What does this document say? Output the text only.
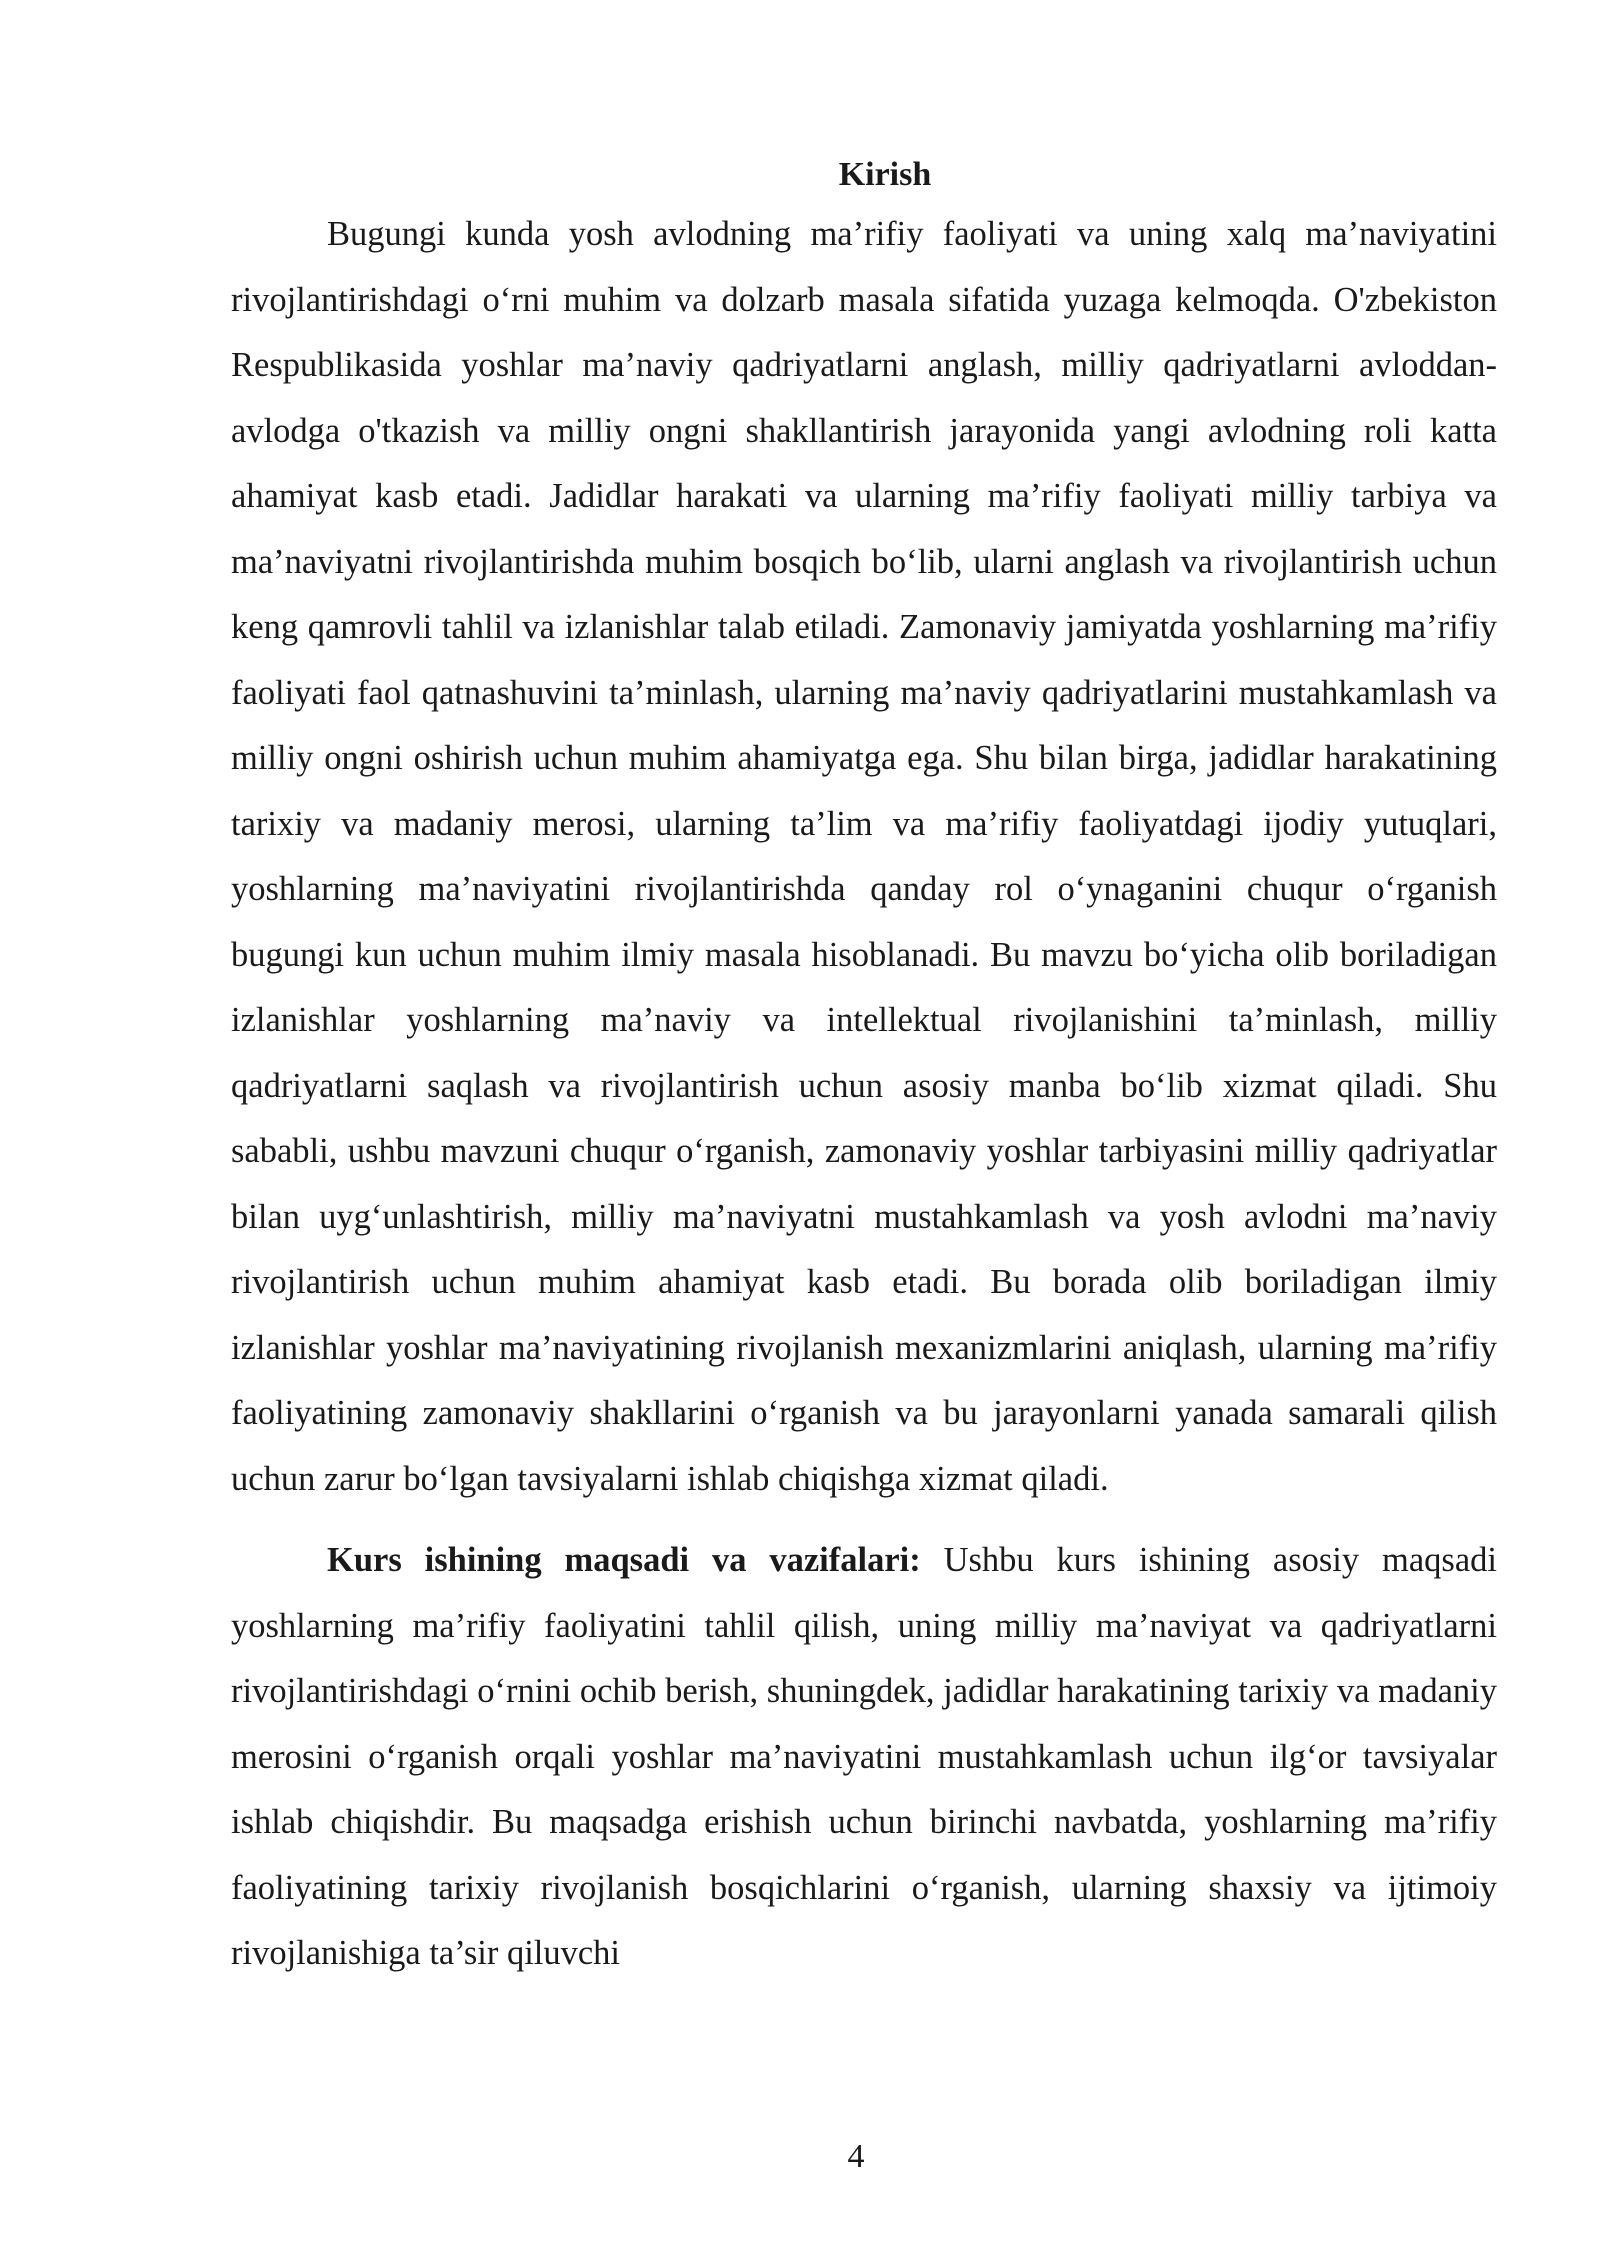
Kirish

Bugungi kunda yosh avlodning ma’rifiy faoliyati va uning xalq ma’naviyatini rivojlantirishdagi o‘rni muhim va dolzarb masala sifatida yuzaga kelmoqda. O'zbekiston Respublikasida yoshlar ma’naviy qadriyatlarni anglash, milliy qadriyatlarni avloddan-avlodga o'tkazish va milliy ongni shakllantirish jarayonida yangi avlodning roli katta ahamiyat kasb etadi. Jadidlar harakati va ularning ma’rifiy faoliyati milliy tarbiya va ma’naviyatni rivojlantirishda muhim bosqich bo‘lib, ularni anglash va rivojlantirish uchun keng qamrovli tahlil va izlanishlar talab etiladi. Zamonaviy jamiyatda yoshlarning ma’rifiy faoliyati faol qatnashuvini ta’minlash, ularning ma’naviy qadriyatlarini mustahkamlash va milliy ongni oshirish uchun muhim ahamiyatga ega. Shu bilan birga, jadidlar harakatining tarixiy va madaniy merosi, ularning ta’lim va ma’rifiy faoliyatdagi ijodiy yutuqlari, yoshlarning ma’naviyatini rivojlantirishda qanday rol o‘ynaganini chuqur o‘rganish bugungi kun uchun muhim ilmiy masala hisoblanadi. Bu mavzu bo‘yicha olib boriladigan izlanishlar yoshlarning ma’naviy va intellektual rivojlanishini ta’minlash, milliy qadriyatlarni saqlash va rivojlantirish uchun asosiy manba bo‘lib xizmat qiladi. Shu sababli, ushbu mavzuni chuqur o‘rganish, zamonaviy yoshlar tarbiyasini milliy qadriyatlar bilan uyg‘unlashtirish, milliy ma’naviyatni mustahkamlash va yosh avlodni ma’naviy rivojlantirish uchun muhim ahamiyat kasb etadi. Bu borada olib boriladigan ilmiy izlanishlar yoshlar ma’naviyatining rivojlanish mexanizmlarini aniqlash, ularning ma’rifiy faoliyatining zamonaviy shakllarini o‘rganish va bu jarayonlarni yanada samarali qilish uchun zarur bo‘lgan tavsiyalarni ishlab chiqishga xizmat qiladi.

Kurs ishining maqsadi va vazifalari: Ushbu kurs ishining asosiy maqsadi yoshlarning ma’rifiy faoliyatini tahlil qilish, uning milliy ma’naviyat va qadriyatlarni rivojlantirishdagi o‘rnini ochib berish, shuningdek, jadidlar harakatining tarixiy va madaniy merosini o‘rganish orqali yoshlar ma’naviyatini mustahkamlash uchun ilg‘or tavsiyalar ishlab chiqishdir. Bu maqsadga erishish uchun birinchi navbatda, yoshlarning ma’rifiy faoliyatining tarixiy rivojlanish bosqichlarini o‘rganish, ularning shaxsiy va ijtimoiy rivojlanishiga ta’sir qiluvchi

4
